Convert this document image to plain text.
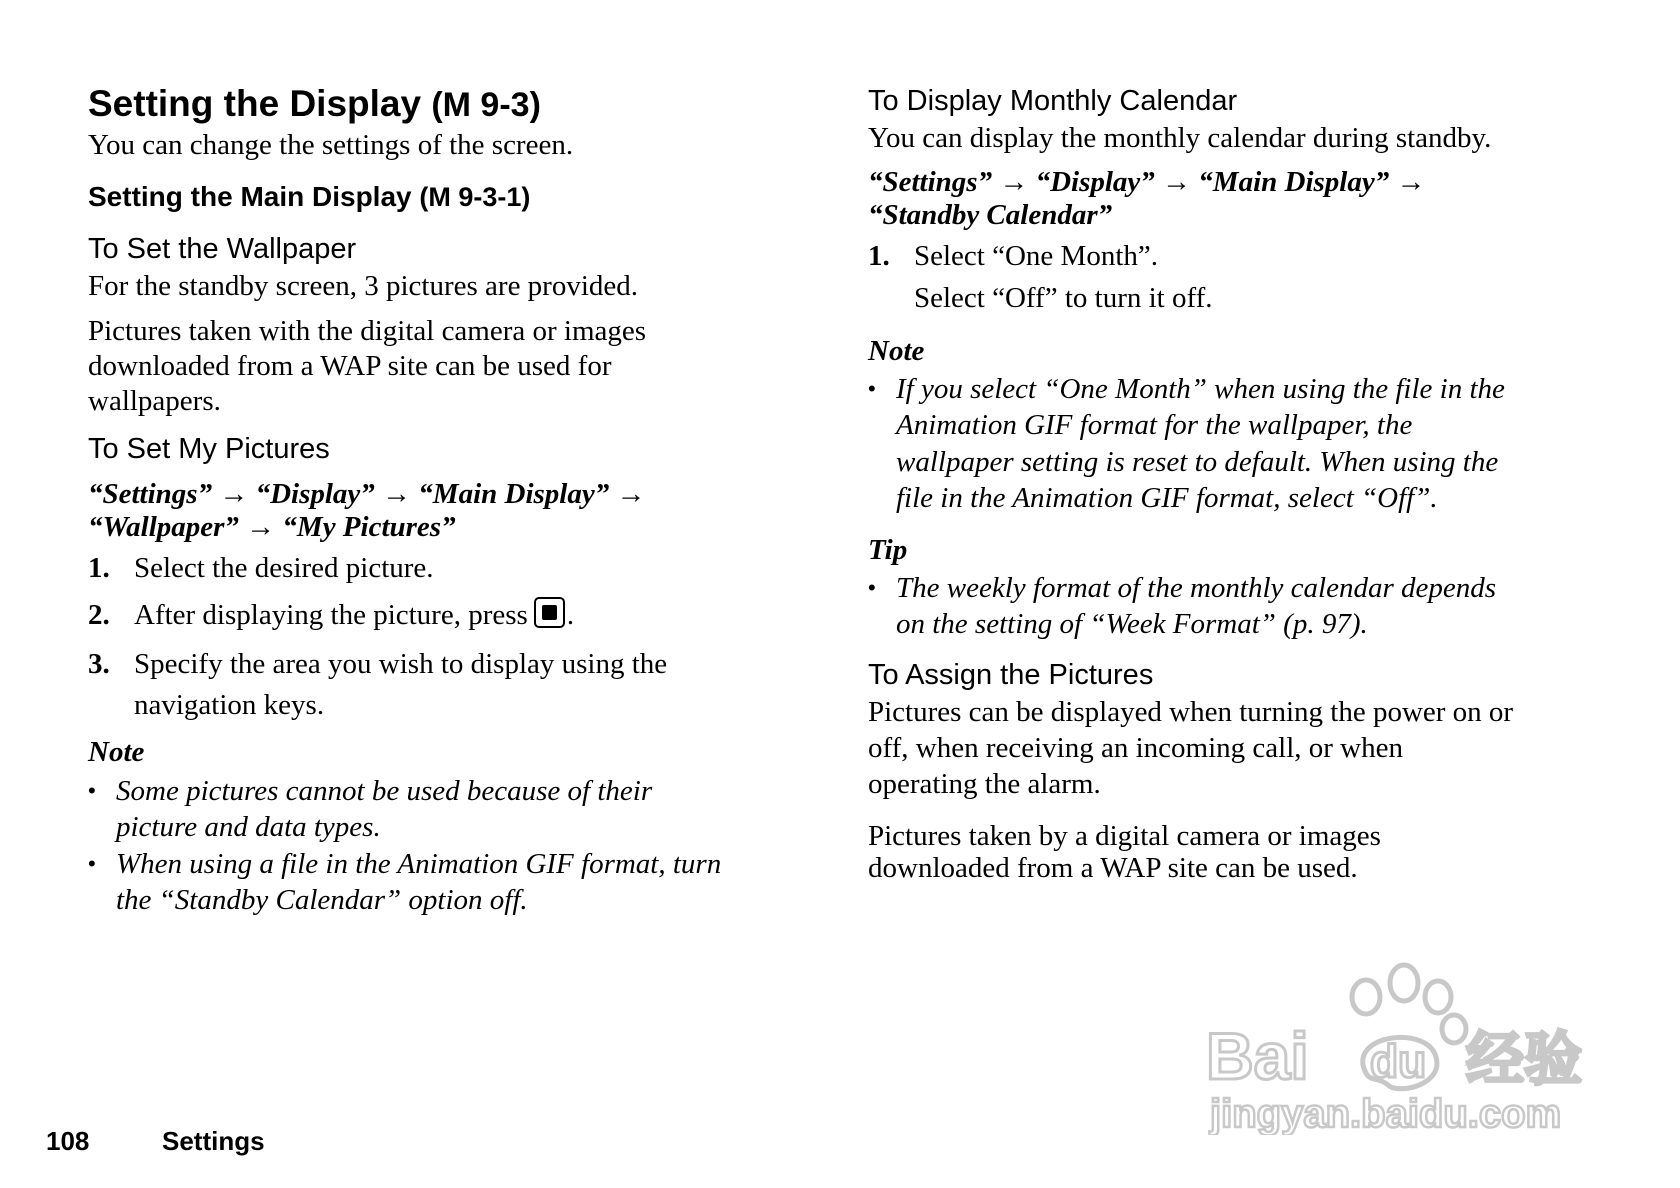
Setting the Display (M 9-3)
You can change the settings of the screen.
Setting the Main Display (M 9-3-1)
To Set the Wallpaper
For the standby screen, 3 pictures are provided.
Pictures taken with the digital camera or images
downloaded from a WAP site can be used for
wallpapers.
To Set My Pictures
“Settings” → “Display” → “Main Display” →
“Wallpaper” → “My Pictures”
1. Select the desired picture.
2. After displaying the picture, press .
3. Specify the area you wish to display using the
navigation keys.
Note
• Some pictures cannot be used because of their
picture and data types.
• When using a file in the Animation GIF format, turn
the “Standby Calendar” option off.
To Display Monthly Calendar
You can display the monthly calendar during standby.
“Settings” → “Display” → “Main Display” →
“Standby Calendar”
1. Select “One Month”.
Select “Off” to turn it off.
Note
• If you select “One Month” when using the file in the
Animation GIF format for the wallpaper, the
wallpaper setting is reset to default. When using the
file in the Animation GIF format, select “Off”.
Tip
• The weekly format of the monthly calendar depends
on the setting of “Week Format” (p. 97).
To Assign the Pictures
Pictures can be displayed when turning the power on or
off, when receiving an incoming call, or when
operating the alarm.
Pictures taken by a digital camera or images
downloaded from a WAP site can be used.
108	Settings
Bai du 经验
jingyan.baidu.com
